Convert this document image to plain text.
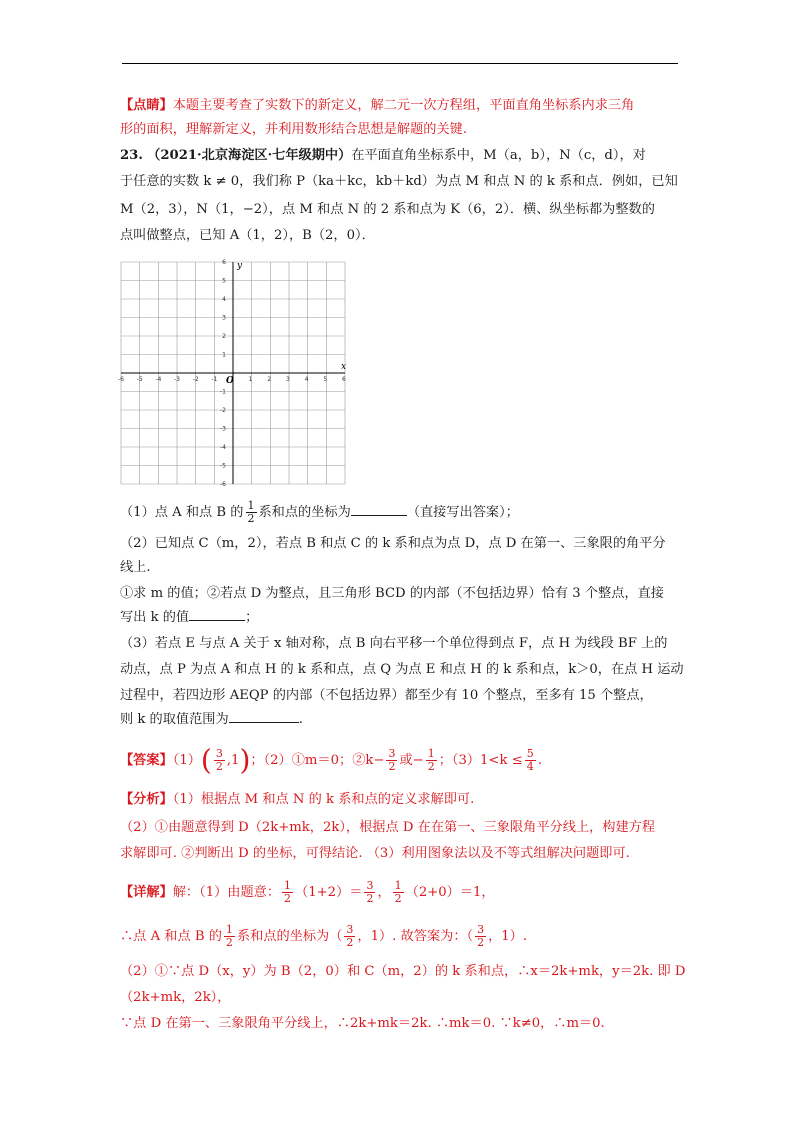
【点睛】本题主要考查了实数下的新定义，解二元一次方程组，平面直角坐标系内求三角
形的面积，理解新定义，并利用数形结合思想是解题的关键.
23. （2021·北京海淀区·七年级期中）在平面直角坐标系中，M（a，b），N（c，d），对
于任意的实数 k ≠ 0，我们称 P（ka＋kc，kb＋kd）为点 M 和点 N 的 k 系和点．例如，已知
M（2，3），N（1，−2），点 M 和点 N 的 2 系和点为 K（6，2）．横、纵坐标都为整数的
点叫做整点，已知 A（1，2），B（2，0）．
-6 -5 -4 -3 -2 -1	1 2 3 4 5 6
6
5
4
3
2
1
-1
-2
-3
-4
-5
-6
x
y
O
（1）点 A 和点 B 的 $\frac{1}{2}$ 系和点的坐标为	（直接写出答案）；
（2）已知点 C（m，2），若点 B 和点 C 的 k 系和点为点 D，点 D 在第一、三象限的角平分
线上.
①求 m 的值；②若点 D 为整点，且三角形 BCD 的内部（不包括边界）恰有 3 个整点，直接
写出 k 的值	；
（3）若点 E 与点 A 关于 x 轴对称，点 B 向右平移一个单位得到点 F，点 H 为线段 BF 上的
动点，点 P 为点 A 和点 H 的 k 系和点，点 Q 为点 E 和点 H 的 k 系和点，k＞0，在点 H 运动
过程中，若四边形 AEQP 的内部（不包括边界）都至少有 10 个整点，至多有 15 个整点，
则 k 的取值范围为	.
【答案】$(1)( \frac{3}{2} ,1)$；（2）①m＝0；②k− $\frac{3}{2}$ 或− $\frac{1}{2}$ ；$(3)1<k \le \frac{5}{4}$ .
【分析】（1）根据点 M 和点 N 的 k 系和点的定义求解即可.
（2）①由题意得到 D（2k+mk，2k），根据点 D 在在第一、三象限角平分线上，构建方程
求解即可. ②判断出 D 的坐标，可得结论. （3）利用图象法以及不等式组解决问题即可.
【详解】解：（1）由题意： $\frac{1}{2} (1+2)= \frac{3}{2}$ ， $\frac{1}{2} (2+0)=1$，
∴点 A 和点 B 的 $\frac{1}{2}$ 系和点的坐标为（ $\frac{3}{2}$ ，1）. 故答案为：（ $\frac{3}{2}$ ，1）.
（2）①∵点 D（x，y）为 B（2，0）和 C（m，2）的 k 系和点，∴x＝2k+mk，y＝2k. 即 D
（2k+mk，2k），
∵点 D 在第一、三象限角平分线上，∴2k+mk＝2k. ∴mk＝0. ∵k≠0，∴m＝0.
